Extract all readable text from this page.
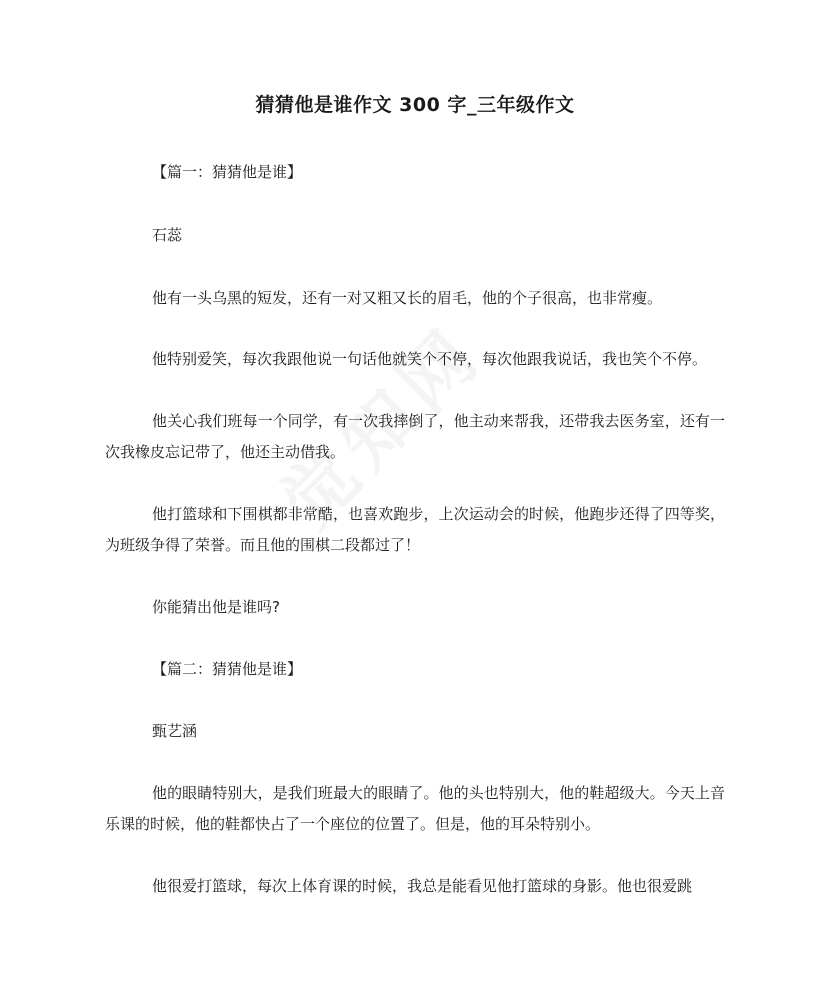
猜猜他是谁作文 300 字_三年级作文

【篇一：猜猜他是谁】

石蕊

他有一头乌黑的短发，还有一对又粗又长的眉毛，他的个子很高，也非常瘦。

他特别爱笑，每次我跟他说一句话他就笑个不停，每次他跟我说话，我也笑个不停。

他关心我们班每一个同学，有一次我摔倒了，他主动来帮我，还带我去医务室，还有一次我橡皮忘记带了，他还主动借我。

他打篮球和下围棋都非常酷，也喜欢跑步，上次运动会的时候，他跑步还得了四等奖，为班级争得了荣誉。而且他的围棋二段都过了！

你能猜出他是谁吗?

【篇二：猜猜他是谁】

甄艺涵

他的眼睛特别大，是我们班最大的眼睛了。他的头也特别大，他的鞋超级大。今天上音乐课的时候，他的鞋都快占了一个座位的位置了。但是，他的耳朵特别小。

他很爱打篮球，每次上体育课的时候，我总是能看见他打篮球的身影。他也很爱跳
